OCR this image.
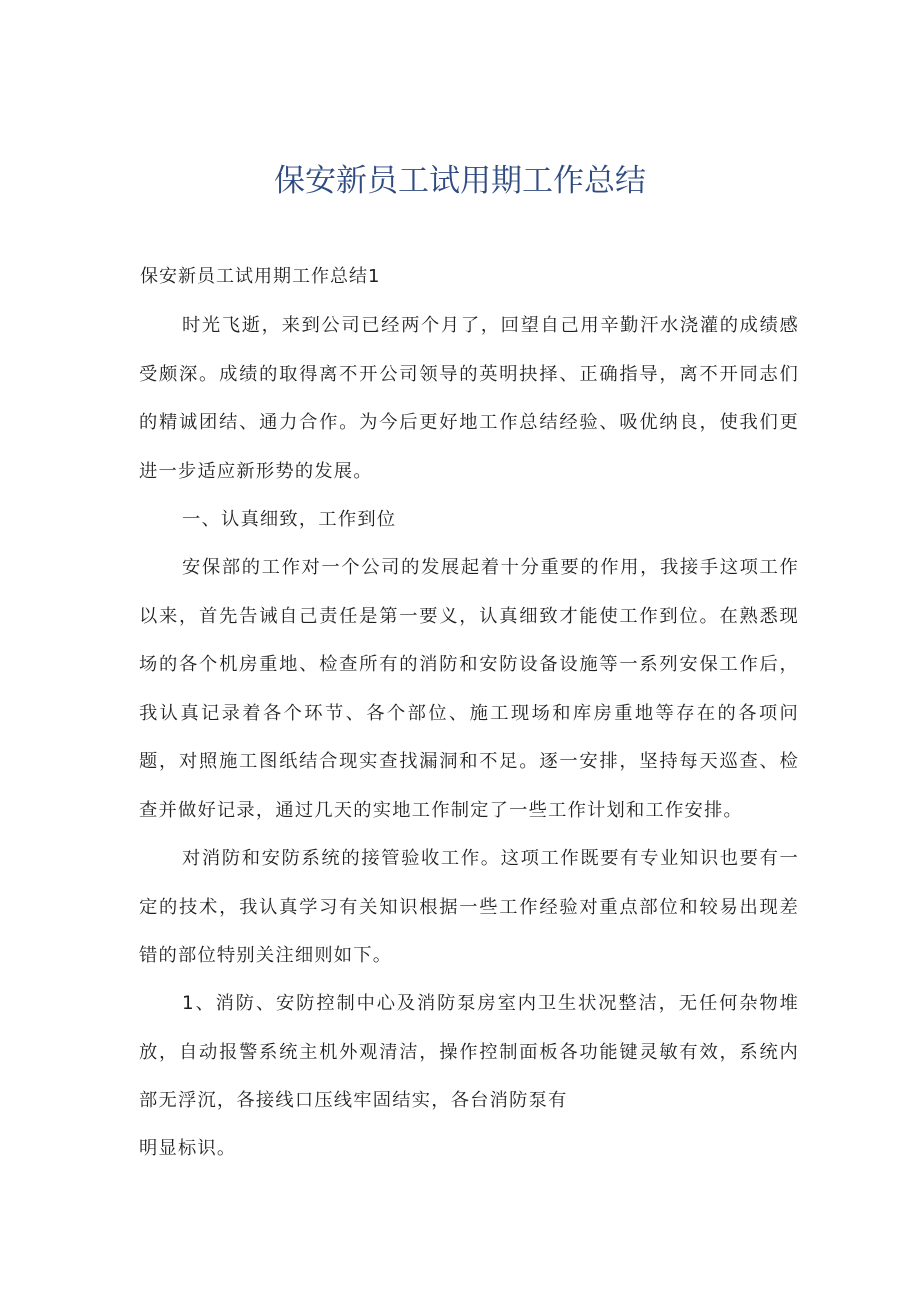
保安新员工试用期工作总结
保安新员工试用期工作总结1

时光飞逝，来到公司已经两个月了，回望自己用辛勤汗水浇灌的成绩感受颇深。成绩的取得离不开公司领导的英明抉择、正确指导，离不开同志们的精诚团结、通力合作。为今后更好地工作总结经验、吸优纳良，使我们更进一步适应新形势的发展。

一、认真细致，工作到位

安保部的工作对一个公司的发展起着十分重要的作用，我接手这项工作以来，首先告诫自己责任是第一要义，认真细致才能使工作到位。在熟悉现场的各个机房重地、检查所有的消防和安防设备设施等一系列安保工作后，我认真记录着各个环节、各个部位、施工现场和库房重地等存在的各项问题，对照施工图纸结合现实查找漏洞和不足。逐一安排，坚持每天巡查、检查并做好记录，通过几天的实地工作制定了一些工作计划和工作安排。

对消防和安防系统的接管验收工作。这项工作既要有专业知识也要有一定的技术，我认真学习有关知识根据一些工作经验对重点部位和较易出现差错的部位特别关注细则如下。

1、消防、安防控制中心及消防泵房室内卫生状况整洁，无任何杂物堆放，自动报警系统主机外观清洁，操作控制面板各功能键灵敏有效，系统内部无浮沉，各接线口压线牢固结实，各台消防泵有

明显标识。
